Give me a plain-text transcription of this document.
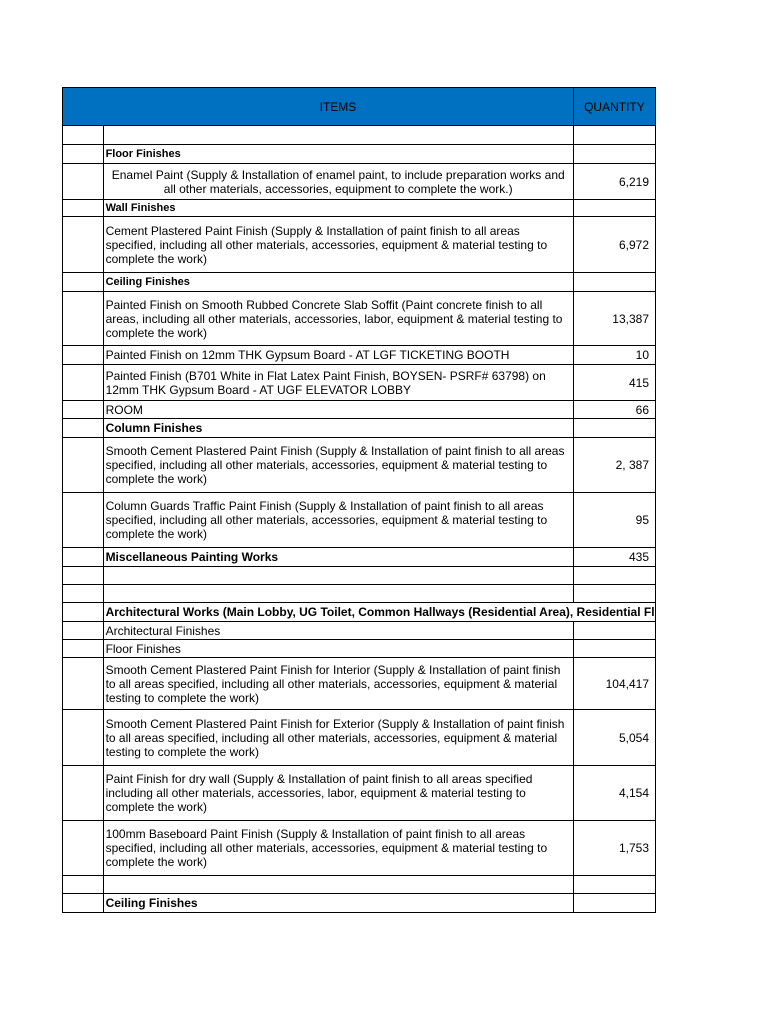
	ITEMS	QUANTITY

	Floor Finishes	
	Enamel Paint (Supply & Installation of enamel paint, to include preparation works and all other materials, accessories, equipment to complete the work.)	6,219
	Wall Finishes	
	Cement Plastered Paint Finish (Supply & Installation of paint finish to all areas specified, including all other materials, accessories, equipment & material testing to complete the work)	6,972
	Ceiling Finishes	
	Painted Finish on Smooth Rubbed Concrete Slab Soffit (Paint concrete finish to all areas, including all other materials, accessories, labor, equipment & material testing to complete the work)	13,387
	Painted Finish on 12mm THK Gypsum Board - AT LGF TICKETING BOOTH	10
	Painted Finish (B701 White in Flat Latex Paint Finish, BOYSEN- PSRF# 63798) on 12mm THK Gypsum Board - AT UGF ELEVATOR LOBBY	415
	ROOM	66
	Column Finishes	
	Smooth Cement Plastered Paint Finish (Supply & Installation of paint finish to all areas specified, including all other materials, accessories, equipment & material testing to complete the work)	2, 387
	Column Guards Traffic Paint Finish (Supply & Installation of paint finish to all areas specified, including all other materials, accessories, equipment & material testing to complete the work)	95
	Miscellaneous Painting Works	435

	Architectural Works (Main Lobby, UG Toilet, Common Hallways (Residential Area), Residential Fl	
	Architectural Finishes	
	Floor Finishes	
	Smooth Cement Plastered Paint Finish for Interior (Supply & Installation of paint finish to all areas specified, including all other materials, accessories, equipment & material testing to complete the work)	104,417
	Smooth Cement Plastered Paint Finish for Exterior (Supply & Installation of paint finish to all areas specified, including all other materials, accessories, equipment & material testing to complete the work)	5,054
	Paint Finish for dry wall (Supply & Installation of paint finish to all areas specified including all other materials, accessories, labor, equipment & material testing to complete the work)	4,154
	100mm Baseboard Paint Finish (Supply & Installation of paint finish to all areas specified, including all other materials, accessories, equipment & material testing to complete the work)	1,753

	Ceiling Finishes	
